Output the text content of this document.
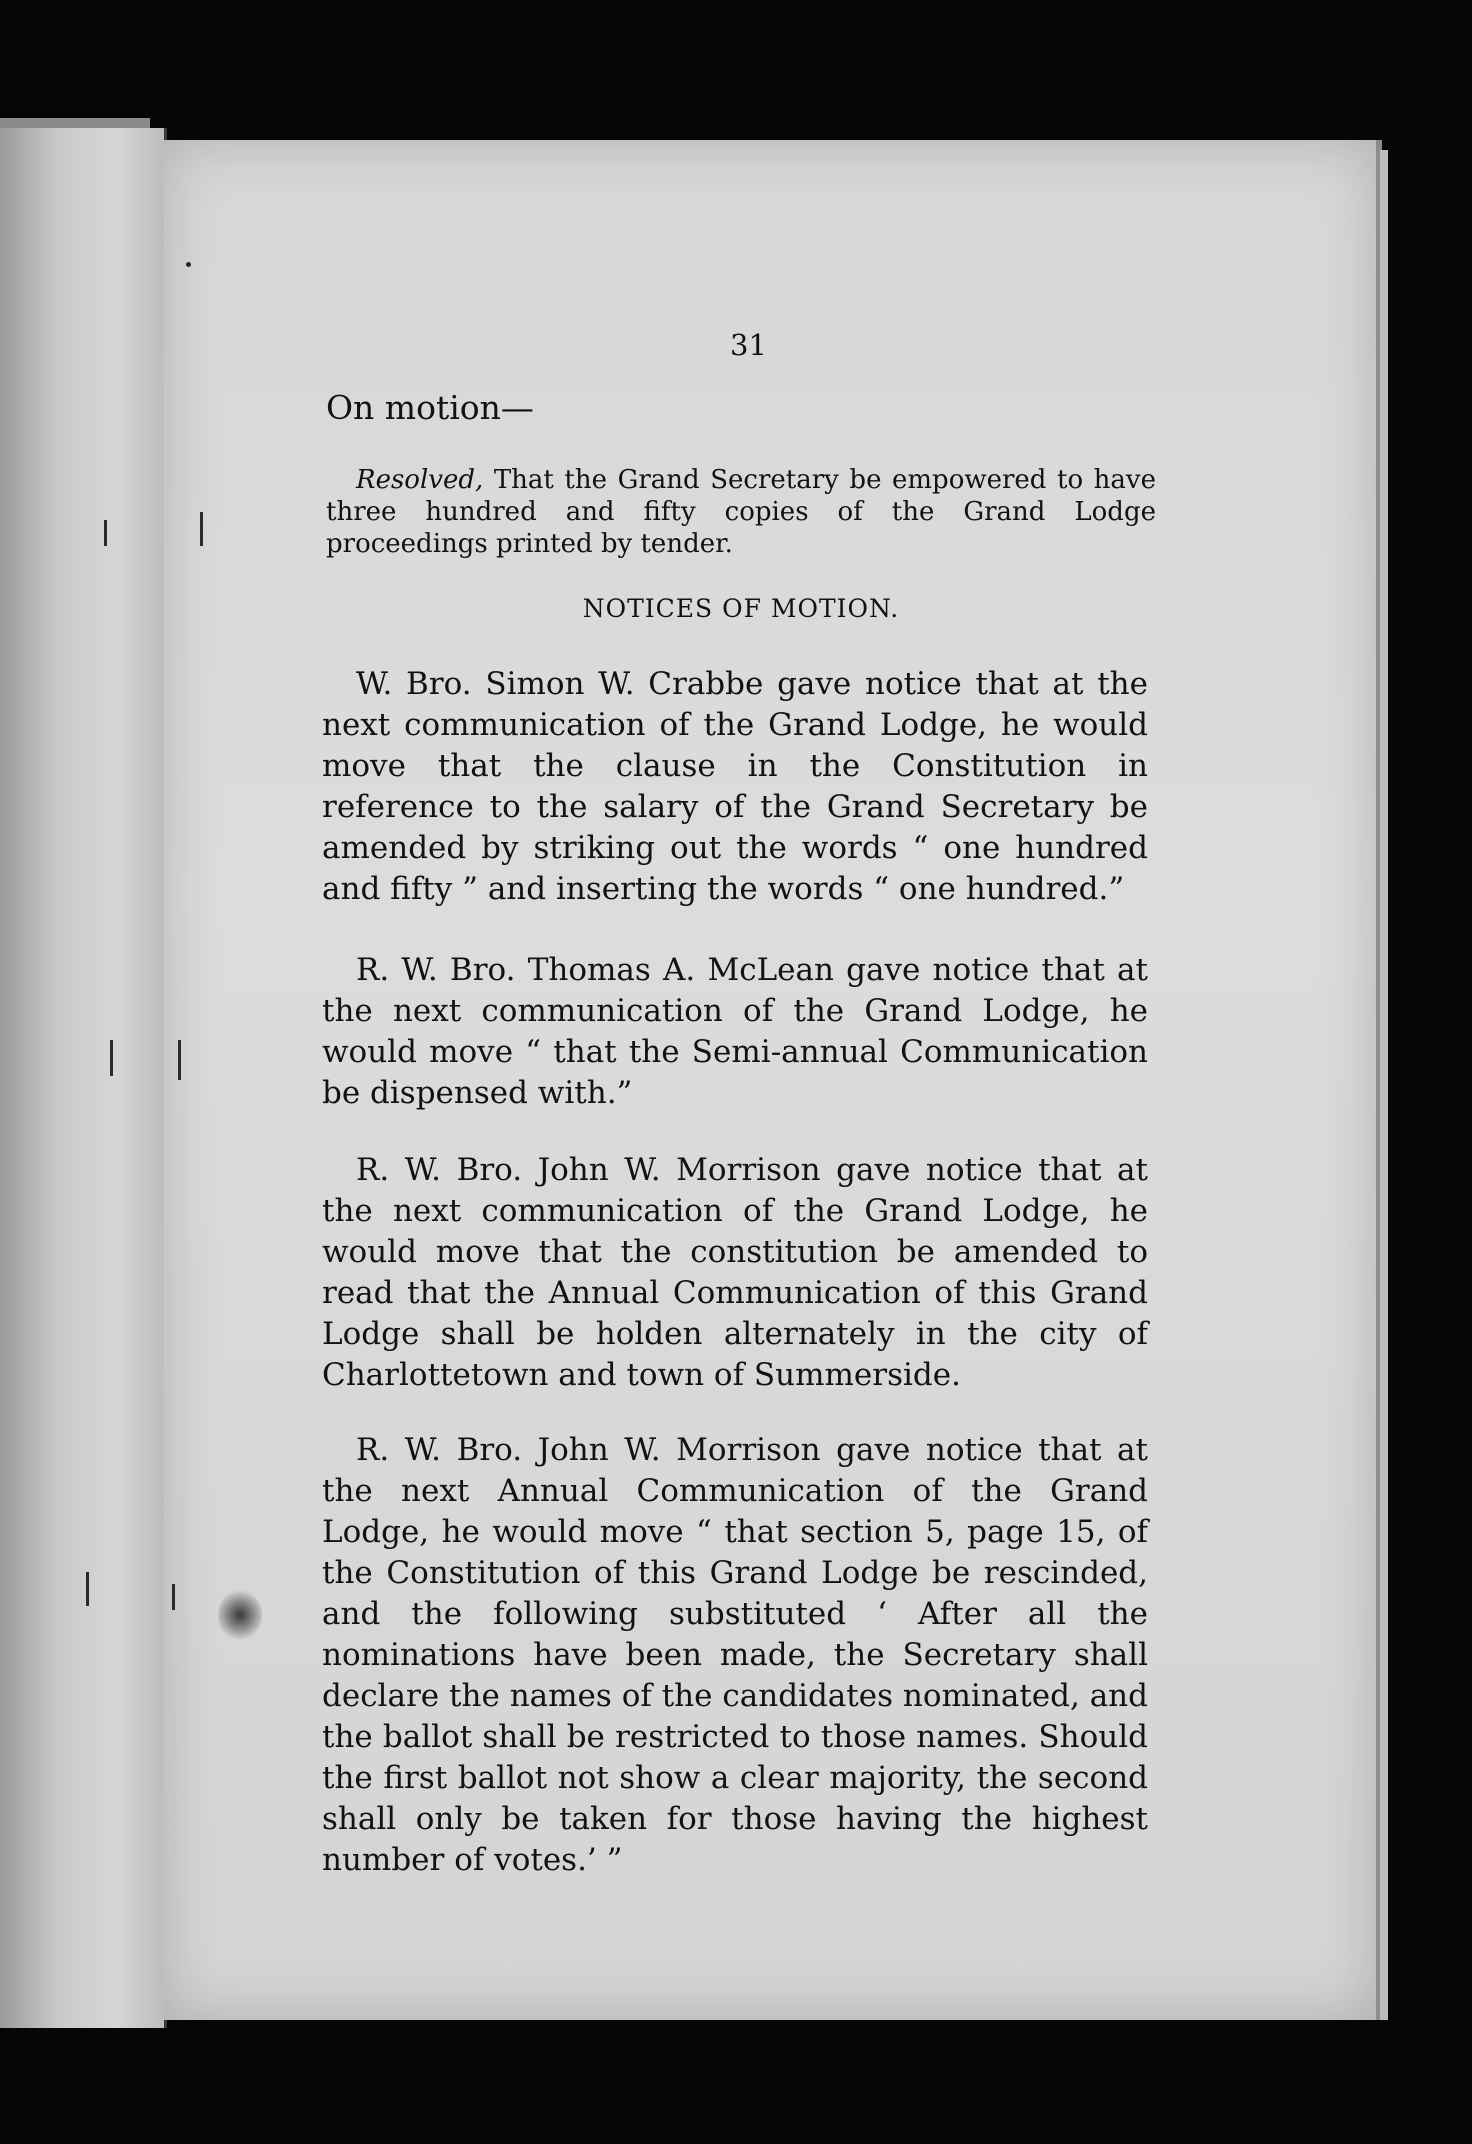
31
On motion—

Resolved, That the Grand Secretary be empowered to have three hundred and fifty copies of the Grand Lodge proceedings printed by tender.

NOTICES OF MOTION.

W. Bro. Simon W. Crabbe gave notice that at the next communication of the Grand Lodge, he would move that the clause in the Constitution in reference to the salary of the Grand Secretary be amended by striking out the words “ one hundred and fifty ” and inserting the words “ one hundred.”

R. W. Bro. Thomas A. McLean gave notice that at the next communication of the Grand Lodge, he would move “ that the Semi-annual Communication be dispensed with.”

R. W. Bro. John W. Morrison gave notice that at the next communication of the Grand Lodge, he would move that the constitution be amended to read that the Annual Communication of this Grand Lodge shall be holden alternately in the city of Charlottetown and town of Summerside.

R. W. Bro. John W. Morrison gave notice that at the next Annual Communication of the Grand Lodge, he would move “ that section 5, page 15, of the Constitution of this Grand Lodge be rescinded, and the following substituted ‘ After all the nominations have been made, the Secretary shall declare the names of the candidates nominated, and the ballot shall be restricted to those names. Should the first ballot not show a clear majority, the second shall only be taken for those having the highest number of votes.’ ”
